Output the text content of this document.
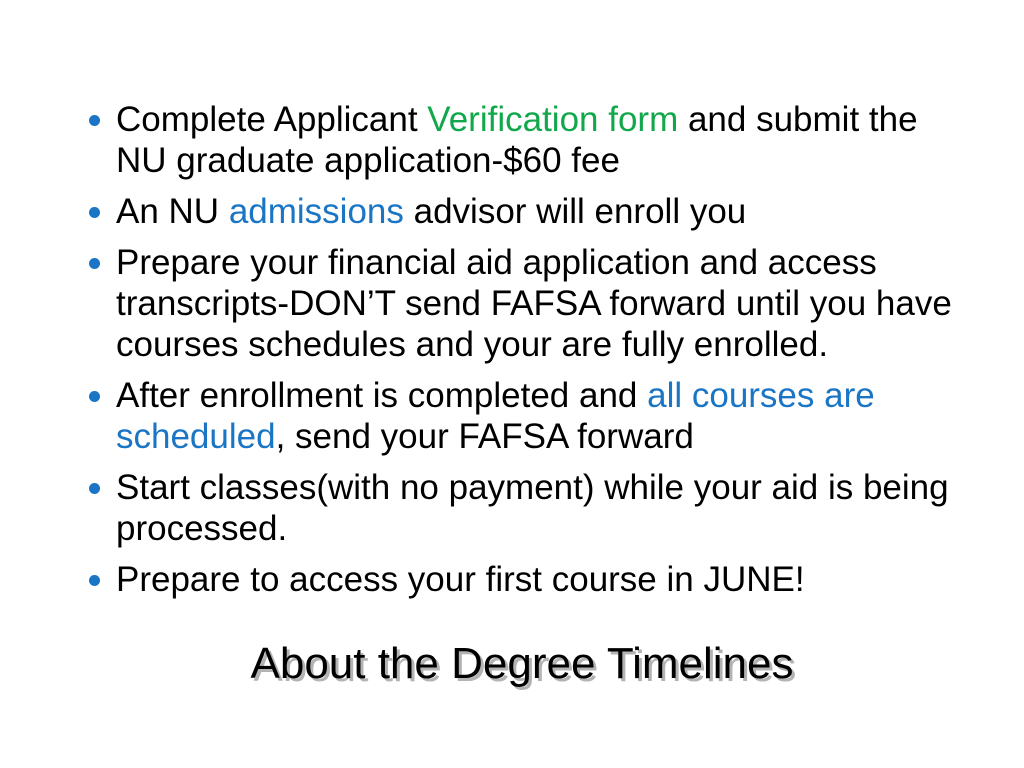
Complete Applicant Verification form and submit the NU graduate application-$60 fee
An NU admissions advisor will enroll you
Prepare your financial aid application and access transcripts-DON’T send FAFSA forward until you have courses schedules and your are fully enrolled.
After enrollment is completed and all courses are scheduled, send your FAFSA forward
Start classes(with no payment) while your aid is being processed.
Prepare to access your first course in JUNE!
About the Degree Timelines
